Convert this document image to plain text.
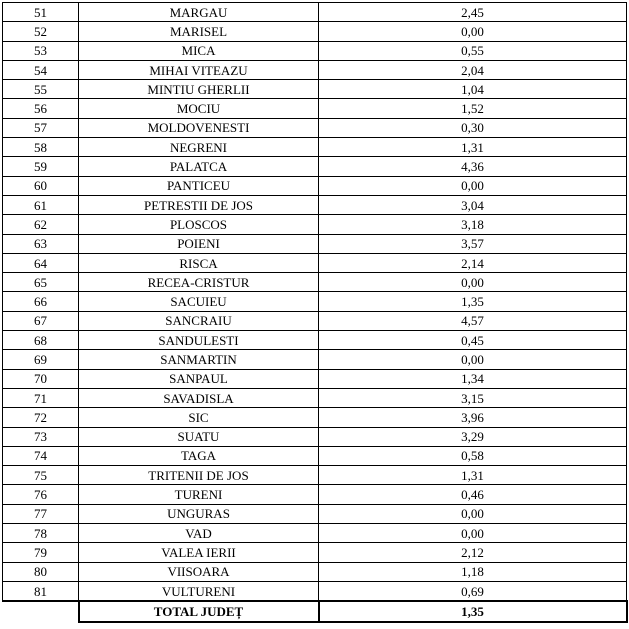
51	MARGAU	2,45
52	MARISEL	0,00
53	MICA	0,55
54	MIHAI VITEAZU	2,04
55	MINTIU GHERLII	1,04
56	MOCIU	1,52
57	MOLDOVENESTI	0,30
58	NEGRENI	1,31
59	PALATCA	4,36
60	PANTICEU	0,00
61	PETRESTII DE JOS	3,04
62	PLOSCOS	3,18
63	POIENI	3,57
64	RISCA	2,14
65	RECEA-CRISTUR	0,00
66	SACUIEU	1,35
67	SANCRAIU	4,57
68	SANDULESTI	0,45
69	SANMARTIN	0,00
70	SANPAUL	1,34
71	SAVADISLA	3,15
72	SIC	3,96
73	SUATU	3,29
74	TAGA	0,58
75	TRITENII DE JOS	1,31
76	TURENI	0,46
77	UNGURAS	0,00
78	VAD	0,00
79	VALEA IERII	2,12
80	VIISOARA	1,18
81	VULTURENI	0,69
	TOTAL JUDEȚ	1,35
